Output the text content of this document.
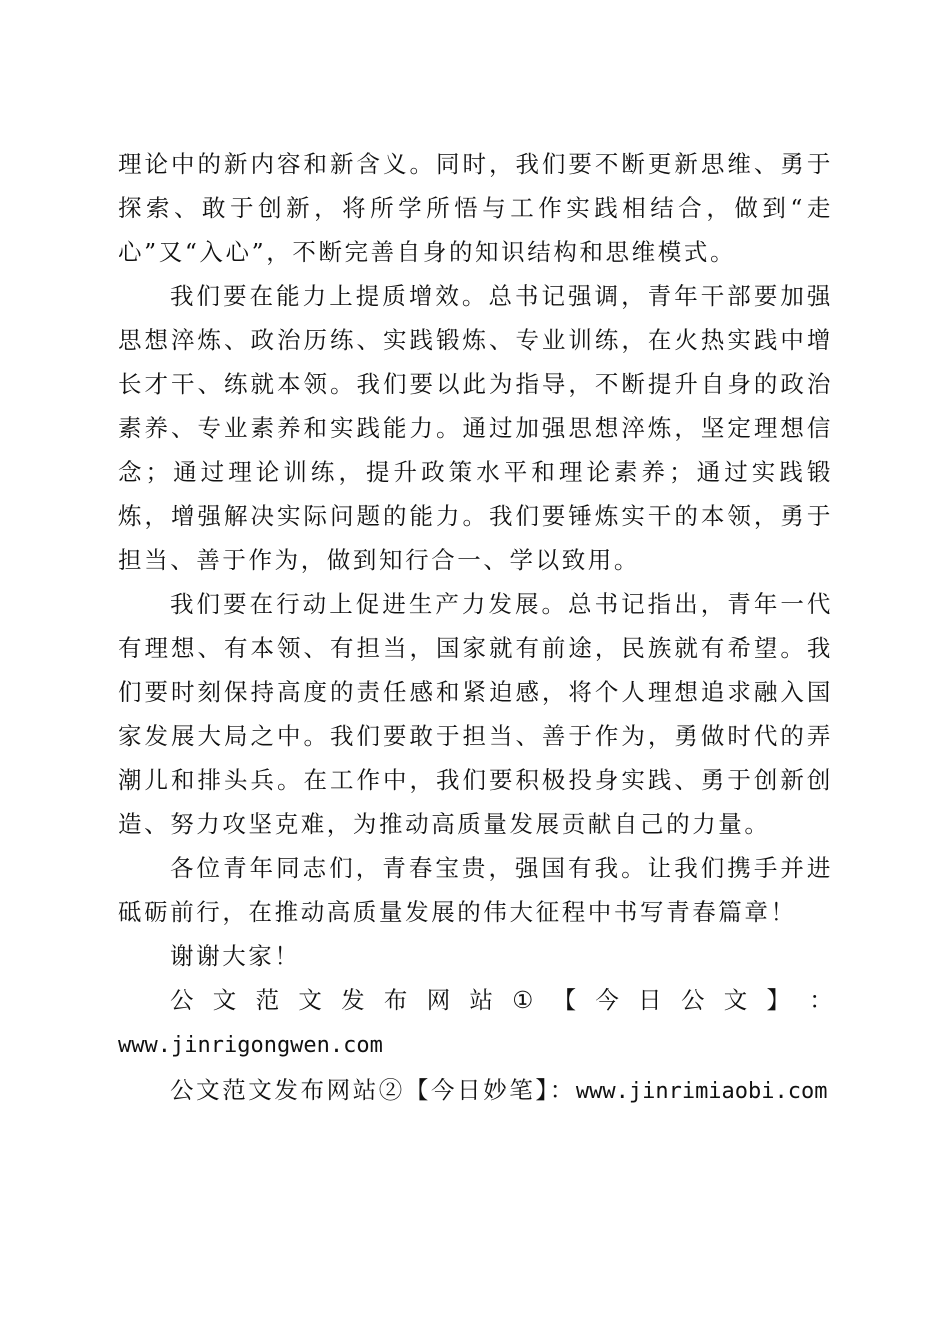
理论中的新内容和新含义。同时，我们要不断更新思维、勇于探索、敢于创新，将所学所悟与工作实践相结合，做到“走心”又“入心”，不断完善自身的知识结构和思维模式。

我们要在能力上提质增效。总书记强调，青年干部要加强思想淬炼、政治历练、实践锻炼、专业训练，在火热实践中增长才干、练就本领。我们要以此为指导，不断提升自身的政治素养、专业素养和实践能力。通过加强思想淬炼，坚定理想信念；通过理论训练，提升政策水平和理论素养；通过实践锻炼，增强解决实际问题的能力。我们要锤炼实干的本领，勇于担当、善于作为，做到知行合一、学以致用。

我们要在行动上促进生产力发展。总书记指出，青年一代有理想、有本领、有担当，国家就有前途，民族就有希望。我们要时刻保持高度的责任感和紧迫感，将个人理想追求融入国家发展大局之中。我们要敢于担当、善于作为，勇做时代的弄潮儿和排头兵。在工作中，我们要积极投身实践、勇于创新创造、努力攻坚克难，为推动高质量发展贡献自己的力量。

各位青年同志们，青春宝贵，强国有我。让我们携手并进砥砺前行，在推动高质量发展的伟大征程中书写青春篇章！

谢谢大家！

公 文 范 文 发 布 网 站 ① 【 今 日 公 文 】 ：

www.jinrigongwen.com

公文范文发布网站②【今日妙笔】：www.jinrimiaobi.com
